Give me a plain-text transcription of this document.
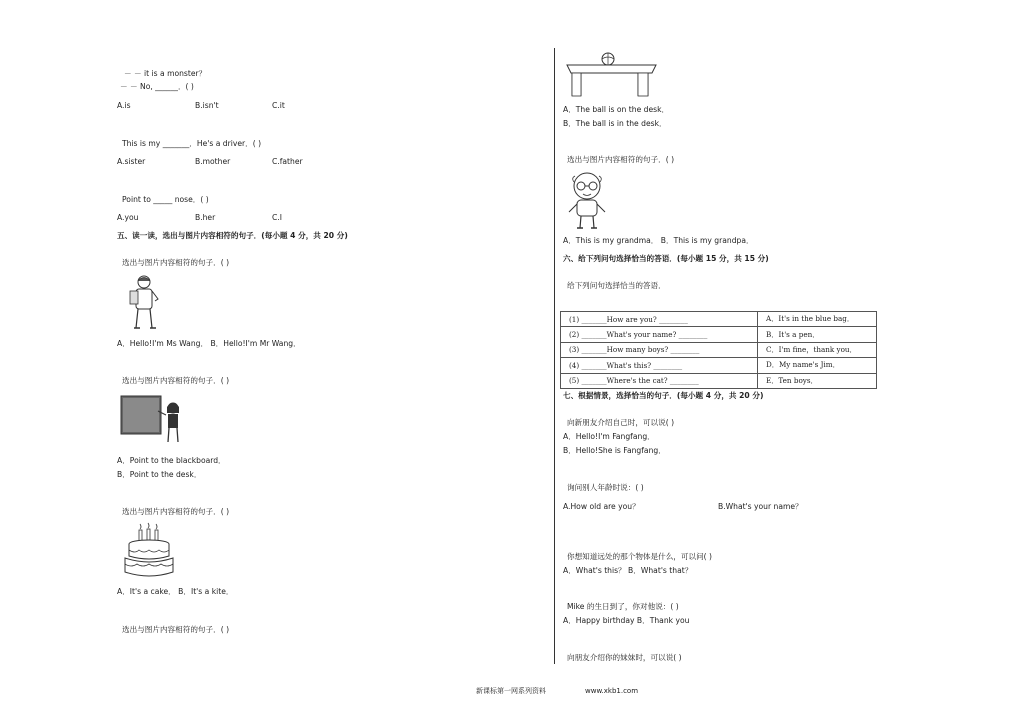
－ － it is a monster？
－ － No, ______．( )
A.is	B.isn't	C.it
This is my _______．He's a driver．( )
A.sister	B.mother	C.father
Point to _____ nose．( )
A.you	B.her	C.I
五、读一读，选出与图片内容相符的句子．(每小题 4 分，共 20 分)
选出与图片内容相符的句子．( )
A．Hello!I'm Ms Wang． B．Hello!I'm Mr Wang．
选出与图片内容相符的句子．( )
A．Point to the blackboard．
B．Point to the desk．
选出与图片内容相符的句子．( )
A．It's a cake． B．It's a kite．
选出与图片内容相符的句子．( )
A．The ball is on the desk．
B．The ball is in the desk．
选出与图片内容相符的句子．( )
A．This is my grandma． B．This is my grandpa．
六、给下列问句选择恰当的答语．(每小题 15 分，共 15 分)
给下列问句选择恰当的答语．
(1) _______How are you? ________	A．It's in the blue bag．
(2) _______What's your name? ________	B．It's a pen．
(3) _______How many boys? ________	C．I'm fine，thank you．
(4) _______What's this? ________	D．My name's Jim．
(5) _______Where's the cat? ________	E．Ten boys．
七、根据情景，选择恰当的句子．(每小题 4 分，共 20 分)
向新朋友介绍自己时，可以说( )
A．Hello!I'm Fangfang．
B．Hello!She is Fangfang．
询问别人年龄时说：( )
A.How old are you？	B.What's your name？
你想知道远处的那个物体是什么，可以问( )
A．What's this？ B．What's that？
Mike 的生日到了，你对他说：( )
A．Happy birthday B．Thank you
向朋友介绍你的妹妹时，可以说( )
新课标第一网系列资料	www.xkb1.com
